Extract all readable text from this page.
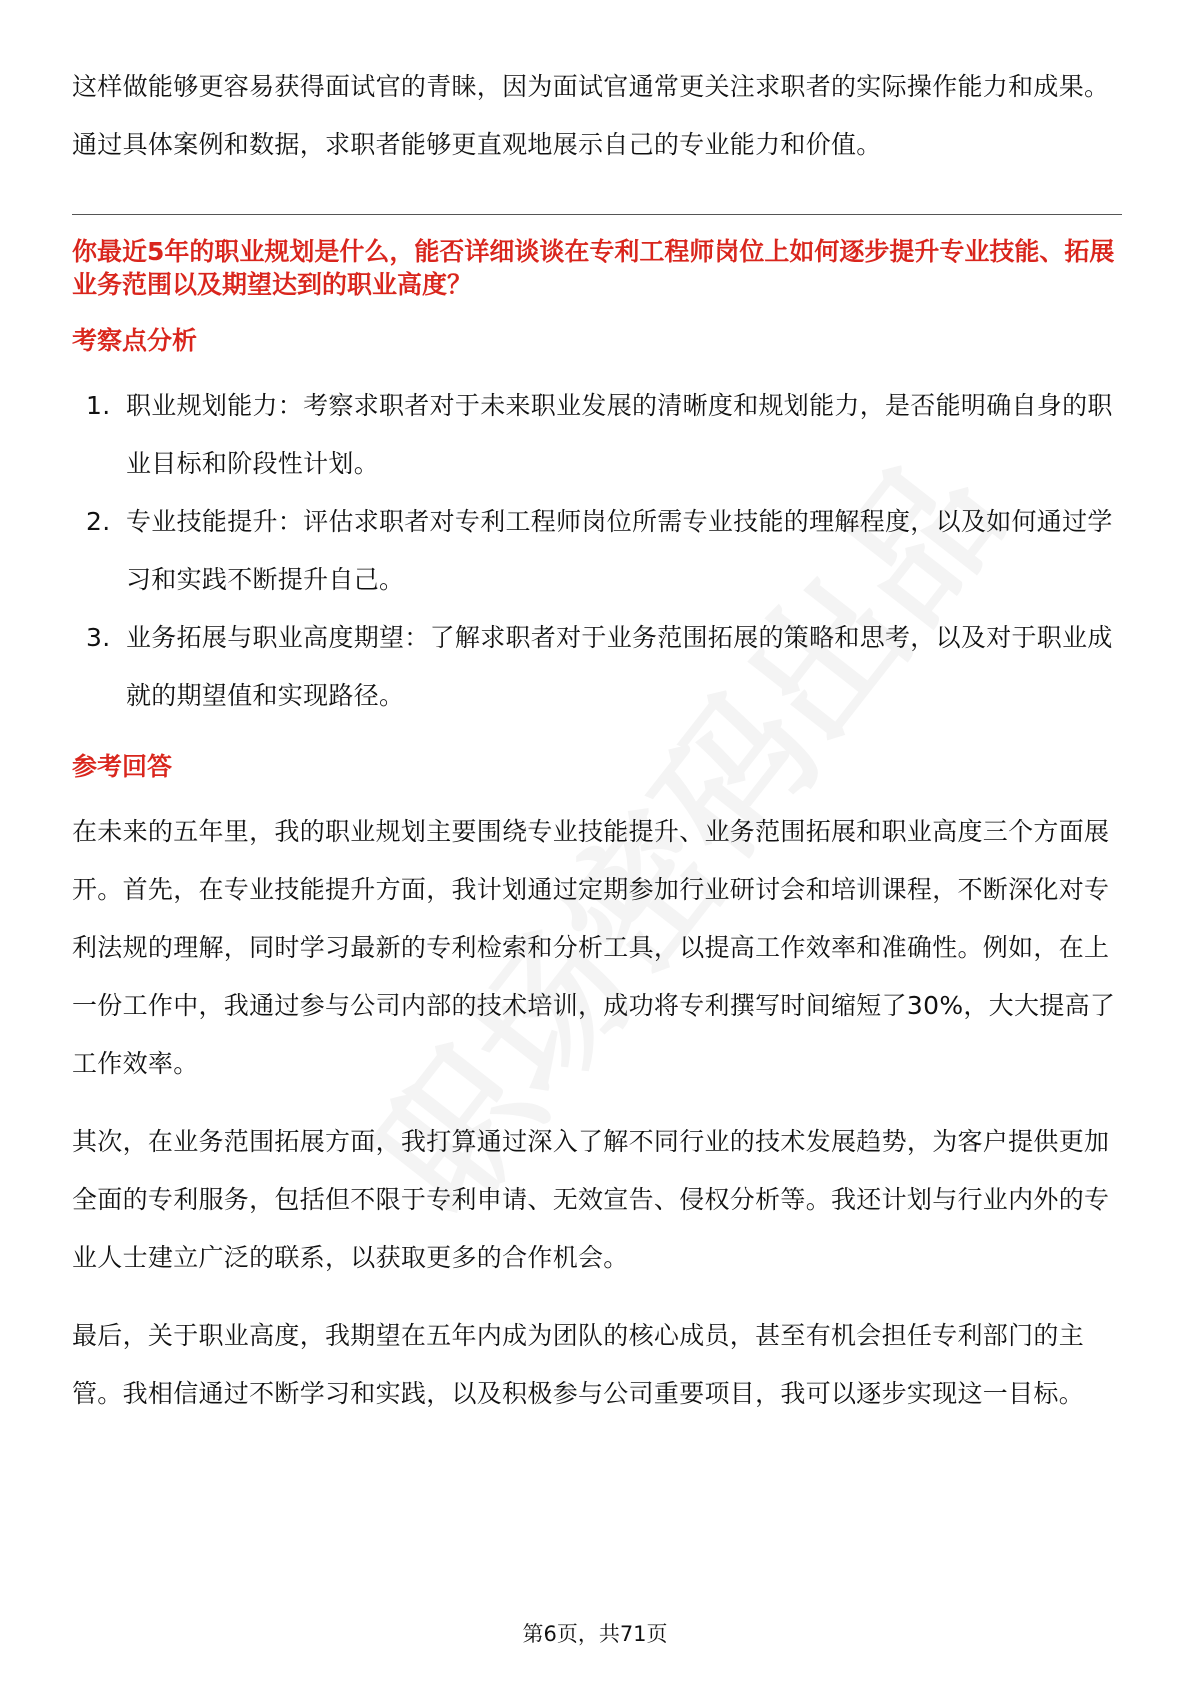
这样做能够更容易获得面试官的青睐，因为面试官通常更关注求职者的实际操作能力和成果。通过具体案例和数据，求职者能够更直观地展示自己的专业能力和价值。

你最近5年的职业规划是什么，能否详细谈谈在专利工程师岗位上如何逐步提升专业技能、拓展业务范围以及期望达到的职业高度？

考察点分析
1. 职业规划能力：考察求职者对于未来职业发展的清晰度和规划能力，是否能明确自身的职业目标和阶段性计划。
2. 专业技能提升：评估求职者对专利工程师岗位所需专业技能的理解程度，以及如何通过学习和实践不断提升自己。
3. 业务拓展与职业高度期望：了解求职者对于业务范围拓展的策略和思考，以及对于职业成就的期望值和实现路径。
参考回答

在未来的五年里，我的职业规划主要围绕专业技能提升、业务范围拓展和职业高度三个方面展开。首先，在专业技能提升方面，我计划通过定期参加行业研讨会和培训课程，不断深化对专利法规的理解，同时学习最新的专利检索和分析工具，以提高工作效率和准确性。例如，在上一份工作中，我通过参与公司内部的技术培训，成功将专利撰写时间缩短了30%，大大提高了工作效率。

其次，在业务范围拓展方面，我打算通过深入了解不同行业的技术发展趋势，为客户提供更加全面的专利服务，包括但不限于专利申请、无效宣告、侵权分析等。我还计划与行业内外的专业人士建立广泛的联系，以获取更多的合作机会。

最后，关于职业高度，我期望在五年内成为团队的核心成员，甚至有机会担任专利部门的主管。我相信通过不断学习和实践，以及积极参与公司重要项目，我可以逐步实现这一目标。

第6页，共71页
